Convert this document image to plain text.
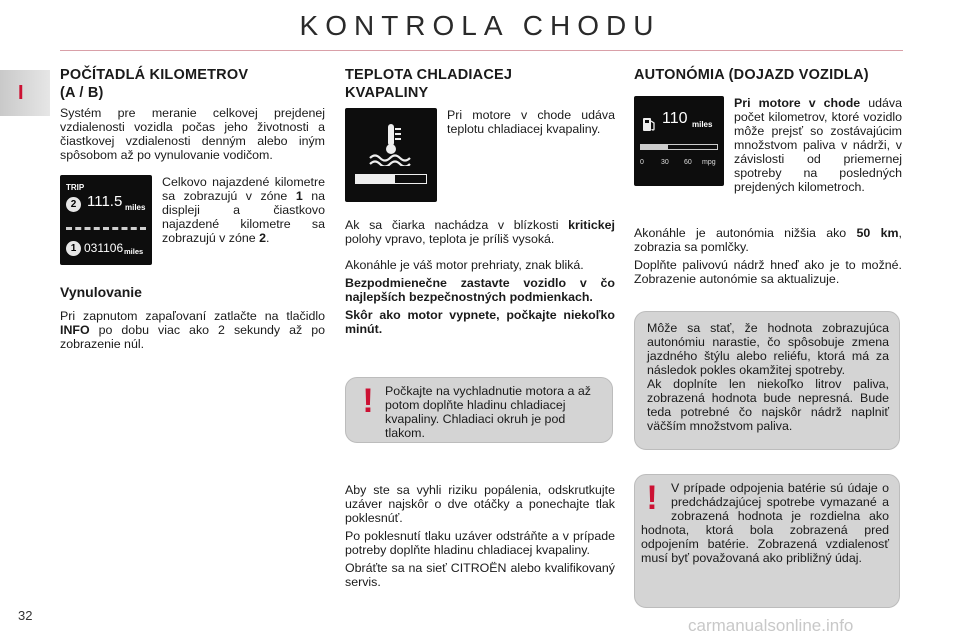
KONTROLA CHODU
I
POČÍTADLÁ KILOMETROV (A / B)
Systém pre meranie celkovej prejdenej vzdialenosti vozidla počas jeho životnosti a čiastkovej vzdialenosti denným alebo iným spôsobom až po vynulovanie vodičom.
TRIP
2 111.5 miles
1 031106 miles
Celkovo najazdené kilometre sa zobrazujú v zóne 1 na displeji a čiastkovo najazdené kilometre sa zobrazujú v zóne 2.
Vynulovanie
Pri zapnutom zapaľovaní zatlačte na tlačidlo INFO po dobu viac ako 2 sekundy až po zobrazenie núl.
TEPLOTA CHLADIACEJ KVAPALINY
Pri motore v chode udáva teplotu chladiacej kvapaliny.
Ak sa čiarka nachádza v blízkosti kritickej polohy vpravo, teplota je príliš vysoká.
Akonáhle je váš motor prehriaty, znak bliká.
Bezpodmienečne zastavte vozidlo v čo najlepších bezpečnostných podmienkach.
Skôr ako motor vypnete, počkajte niekoľko minút.
! Počkajte na vychladnutie motora a až potom doplňte hladinu chladiacej kvapaliny. Chladiaci okruh je pod tlakom.
Aby ste sa vyhli riziku popálenia, odskrutkujte uzáver najskôr o dve otáčky a ponechajte tlak poklesnúť.
Po poklesnutí tlaku uzáver odstráňte a v prípade potreby doplňte hladinu chladiacej kvapaliny.
Obráťte sa na sieť CITROËN alebo kvalifikovaný servis.
AUTONÓMIA (DOJAZD VOZIDLA)
110 miles
0 30 60 mpg
Pri motore v chode udáva počet kilometrov, ktoré vozidlo môže prejsť so zostávajúcim množstvom paliva v nádrži, v závislosti od priemernej spotreby na posledných prejdených kilometroch.
Akonáhle je autonómia nižšia ako 50 km, zobrazia sa pomlčky.
Doplňte palivovú nádrž hneď ako je to možné. Zobrazenie autonómie sa aktualizuje.
Môže sa stať, že hodnota zobrazujúca autonómiu narastie, čo spôsobuje zmena jazdného štýlu alebo reliéfu, ktorá má za následok pokles okamžitej spotreby.
Ak doplníte len niekoľko litrov paliva, zobrazená hodnota bude nepresná. Bude teda potrebné čo najskôr nádrž naplniť väčším množstvom paliva.
!	V prípade odpojenia batérie sú údaje o predchádzajúcej spotrebe vymazané a zobrazená hodnota je rozdielna ako hodnota, ktorá bola zobrazená pred odpojením batérie. Zobrazená vzdialenosť musí byť považovaná ako približný údaj.
32
carmanualsonline.info
